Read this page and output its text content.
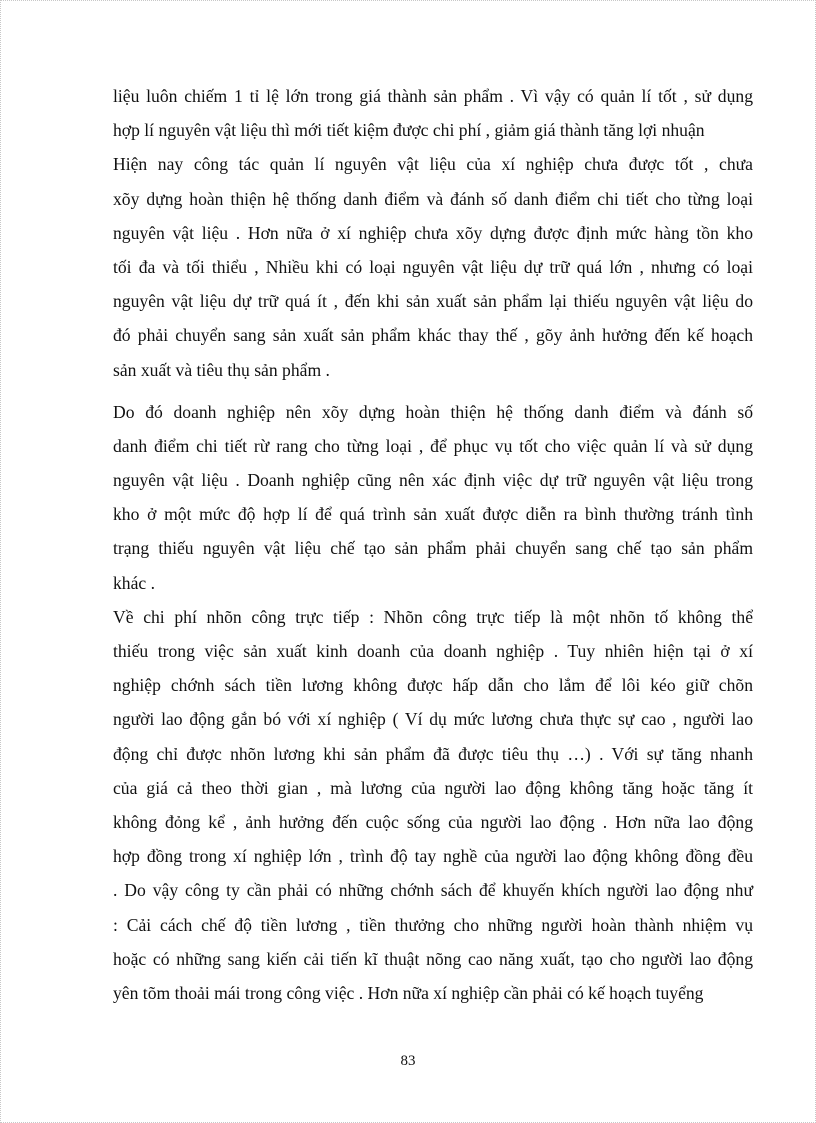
liệu luôn chiếm 1 tỉ lệ lớn trong giá thành sản phẩm . Vì vậy có quản lí tốt , sử dụng
hợp lí nguyên vật liệu thì mới tiết kiệm được chi phí , giảm giá thành tăng lợi nhuận
Hiện nay công tác quản lí nguyên vật liệu của xí nghiệp chưa được tốt , chưa
xõy dựng hoàn thiện hệ thống danh điểm và đánh số danh điểm chi tiết cho từng loại
nguyên vật liệu . Hơn nữa ở xí nghiệp chưa xõy dựng được định mức hàng tồn kho
tối đa và tối thiểu , Nhiều khi có loại nguyên vật liệu dự trữ quá lớn , nhưng có loại
nguyên vật liệu dự trữ quá ít , đến khi sản xuất sản phẩm lại thiếu nguyên vật liệu do
đó phải chuyển sang sản xuất sản phẩm khác thay thế , gõy ảnh hưởng đến kế hoạch
sản xuất và tiêu thụ sản phẩm .
Do đó doanh nghiệp nên xõy dựng hoàn thiện hệ thống danh điểm và đánh số
danh điểm chi tiết rừ rang cho từng loại , để phục vụ tốt cho việc quản lí và sử dụng
nguyên vật liệu . Doanh nghiệp cũng nên xác định việc dự trữ nguyên vật liệu trong
kho ở một mức độ hợp lí để quá trình sản xuất được diễn ra bình thường tránh tình
trạng thiếu nguyên vật liệu chế tạo sản phẩm phải chuyển sang chế tạo sản phẩm
khác .
Về chi phí nhõn công trực tiếp : Nhõn công trực tiếp là một nhõn tố không thể
thiếu trong việc sản xuất kinh doanh của doanh nghiệp . Tuy nhiên hiện tại ở xí
nghiệp chớnh sách tiền lương không được hấp dẫn cho lắm để lôi kéo giữ chõn
người lao động gắn bó với xí nghiệp ( Ví dụ mức lương chưa thực sự cao , người lao
động chỉ được nhõn lương khi sản phẩm đã được tiêu thụ …) . Với sự tăng nhanh
của giá cả theo thời gian , mà lương của người lao động không tăng hoặc tăng ít
không đỏng kể , ảnh hưởng đến cuộc sống của người lao động . Hơn nữa lao động
hợp đồng trong xí nghiệp lớn , trình độ tay nghề của người lao động không đồng đều
. Do vậy công ty cần phải có những chớnh sách để khuyến khích người lao động như
: Cải cách chế độ tiền lương , tiền thưởng cho những người hoàn thành nhiệm vụ
hoặc có những sang kiến cải tiến kĩ thuật nõng cao năng xuất, tạo cho người lao động
yên tõm thoải mái trong công việc . Hơn nữa xí nghiệp cần phải có kế hoạch tuyểng
83
